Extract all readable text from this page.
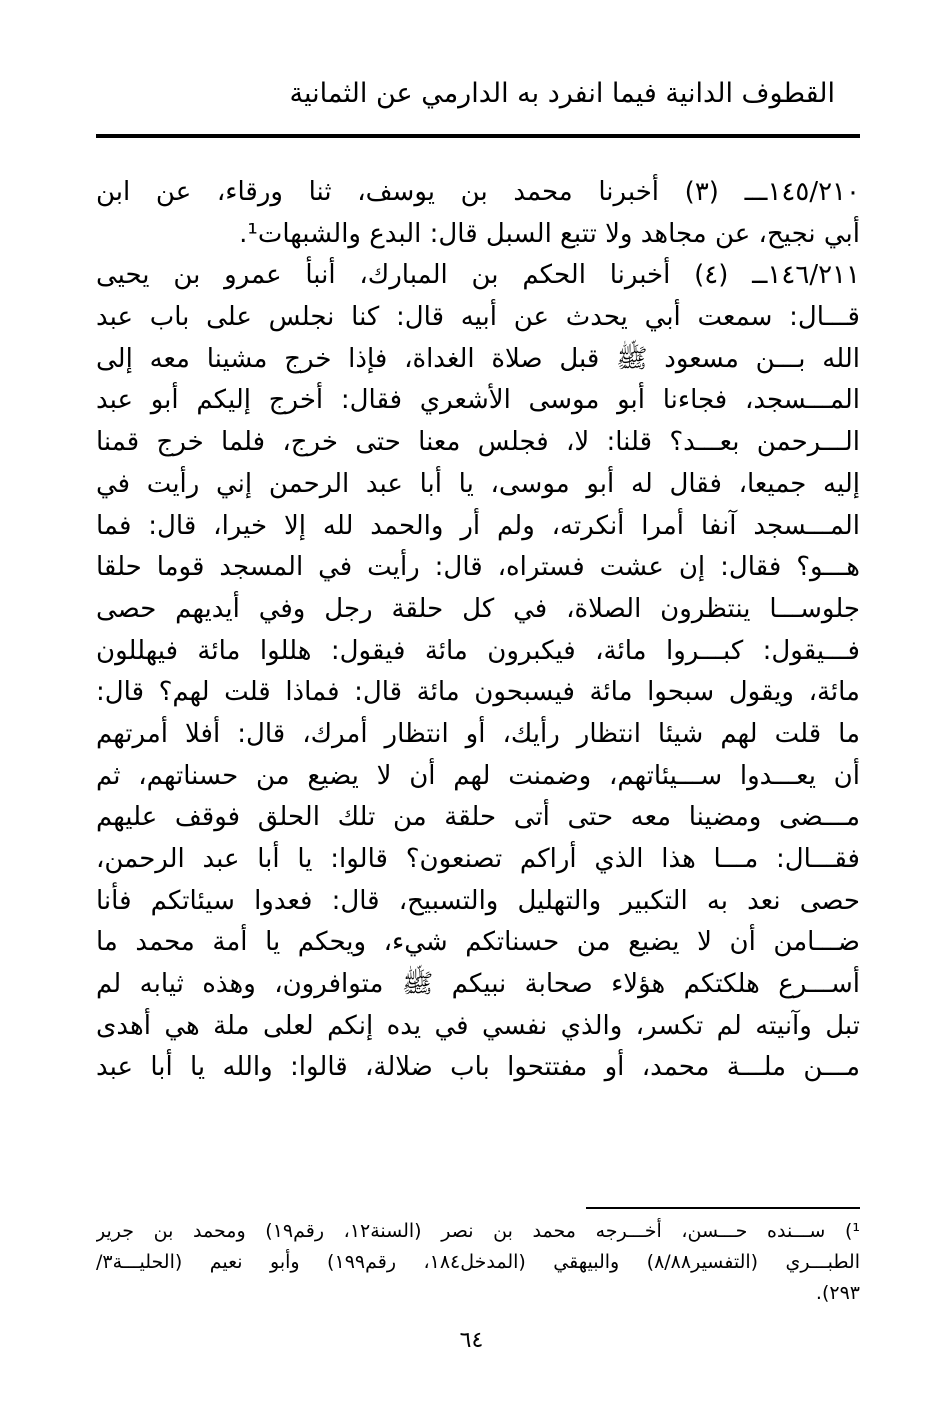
القطوف الدانية فيما انفرد به الدارمي عن الثمانية
١٤٥/٢١٠ـــ (٣) أخبرنا محمد بن يوسف، ثنا ورقاء، عن ابن
أبي نجيح، عن مجاهد ولا تتبع السبل قال: البدع والشبهات¹.
١٤٦/٢١١ــ (٤) أخبرنا الحكم بن المبارك، أنبأ عمرو بن يحيى
قـــال: سمعت أبي يحدث عن أبيه قال: كنا نجلس على باب عبد
الله بـــن مسعود ﷺ قبل صلاة الغداة، فإذا خرج مشينا معه إلى
المـــسجد، فجاءنا أبو موسى الأشعري فقال: أخرج إليكم أبو عبد
الـــرحمن بعـــد؟ قلنا: لا، فجلس معنا حتى خرج، فلما خرج قمنا
إليه جميعا، فقال له أبو موسى، يا أبا عبد الرحمن إني رأيت في
المـــسجد آنفا أمرا أنكرته، ولم أر والحمد لله إلا خيرا، قال: فما
هـــو؟ فقال: إن عشت فستراه، قال: رأيت في المسجد قوما حلقا
جلوســـا ينتظرون الصلاة، في كل حلقة رجل وفي أيديهم حصى
فـــيقول: كبـــروا مائة، فيكبرون مائة فيقول: هللوا مائة فيهللون
مائة، ويقول سبحوا مائة فيسبحون مائة قال: فماذا قلت لهم؟ قال:
ما قلت لهم شيئا انتظار رأيك، أو انتظار أمرك، قال: أفلا أمرتهم
أن يعـــدوا ســـيئاتهم، وضمنت لهم أن لا يضيع من حسناتهم، ثم
مـــضى ومضينا معه حتى أتى حلقة من تلك الحلق فوقف عليهم
فقـــال: مـــا هذا الذي أراكم تصنعون؟ قالوا: يا أبا عبد الرحمن،
حصى نعد به التكبير والتهليل والتسبيح، قال: فعدوا سيئاتكم فأنا
ضـــامن أن لا يضيع من حسناتكم شيء، ويحكم يا أمة محمد ما
أســـرع هلكتكم هؤلاء صحابة نبيكم ﷺ متوافرون، وهذه ثيابه لم
تبل وآنيته لم تكسر، والذي نفسي في يده إنكم لعلى ملة هي أهدى
مـــن ملـــة محمد، أو مفتتحوا باب ضلالة، قالوا: والله يا أبا عبد
¹) ســـنده حـــسن، أخـــرجه محمد بن نصر (السنة١٢، رقم١٩) ومحمد بن جرير
الطبـــري (التفسير٨/٨٨) والبيهقي (المدخل١٨٤، رقم١٩٩) وأبو نعيم (الحليـــة٣/
٢٩٣).
٦٤
